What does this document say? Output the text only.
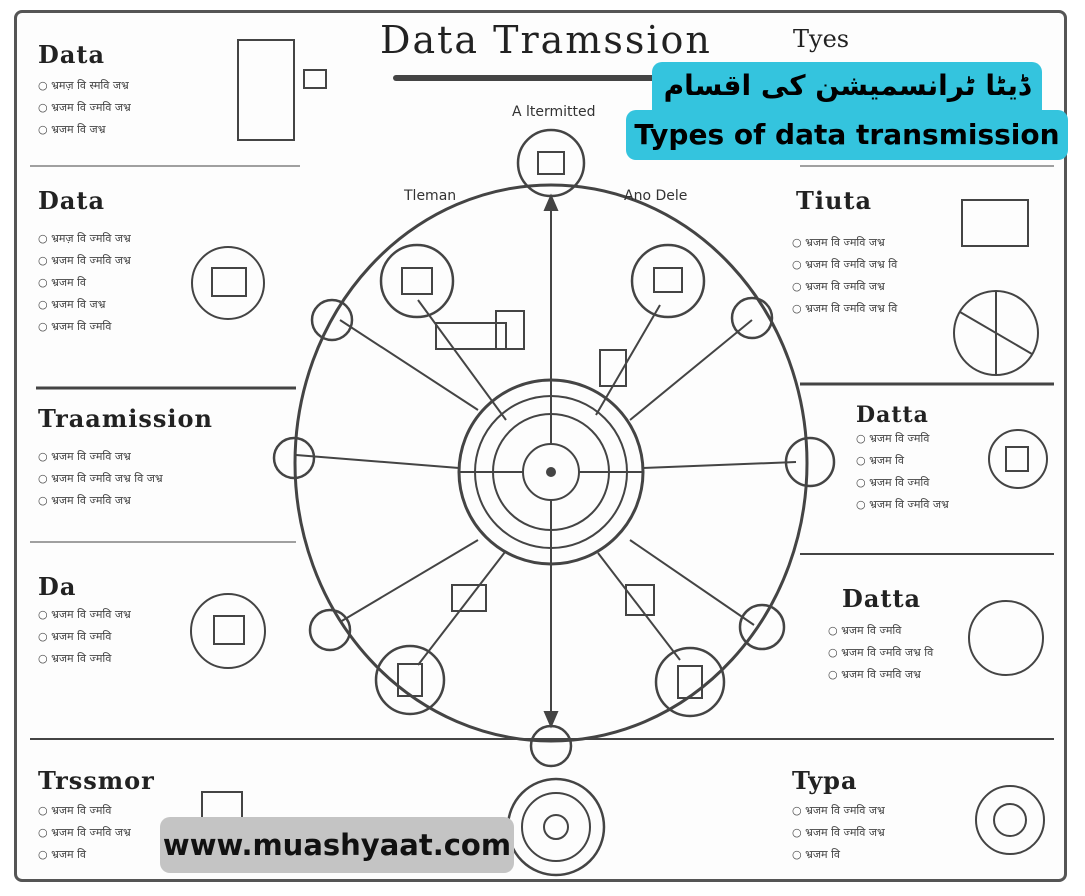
Data Tramssion	Tyes
A ltermitted
Tleman	Ano Dele
Data
○ भ्रमज़ वि स्मवि जभ्र
○ भ्रजम वि ज्मवि जभ्र
○ भ्रजम वि जभ्र
Data
○ भ्रमज़ वि ज्मवि जभ्र
○ भ्रजम वि ज्मवि जभ्र
○ भ्रजम वि
○ भ्रजम वि जभ्र
○ भ्रजम वि ज्मवि
Traamission
○ भ्रजम वि ज्मवि जभ्र
○ भ्रजम वि ज्मवि जभ्र वि जभ्र
○ भ्रजम वि ज्मवि जभ्र
Da
○ भ्रजम वि ज्मवि जभ्र
○ भ्रजम वि ज्मवि
○ भ्रजम वि ज्मवि
Trssmor
○ भ्रजम वि ज्मवि
○ भ्रजम वि ज्मवि जभ्र
○ भ्रजम वि
Tiuta
○ भ्रजम वि ज्मवि जभ्र
○ भ्रजम वि ज्मवि जभ्र वि
○ भ्रजम वि ज्मवि जभ्र
○ भ्रजम वि ज्मवि जभ्र वि
Datta
○ भ्रजम वि ज्मवि
○ भ्रजम वि
○ भ्रजम वि ज्मवि
○ भ्रजम वि ज्मवि जभ्र
Datta
○ भ्रजम वि ज्मवि
○ भ्रजम वि ज्मवि जभ्र वि
○ भ्रजम वि ज्मवि जभ्र
Typa
○ भ्रजम वि ज्मवि जभ्र
○ भ्रजम वि ज्मवि जभ्र
○ भ्रजम वि
ڈیٹا ٹرانسمیشن کی اقسام
Types of data transmission
www.muashyaat.com
